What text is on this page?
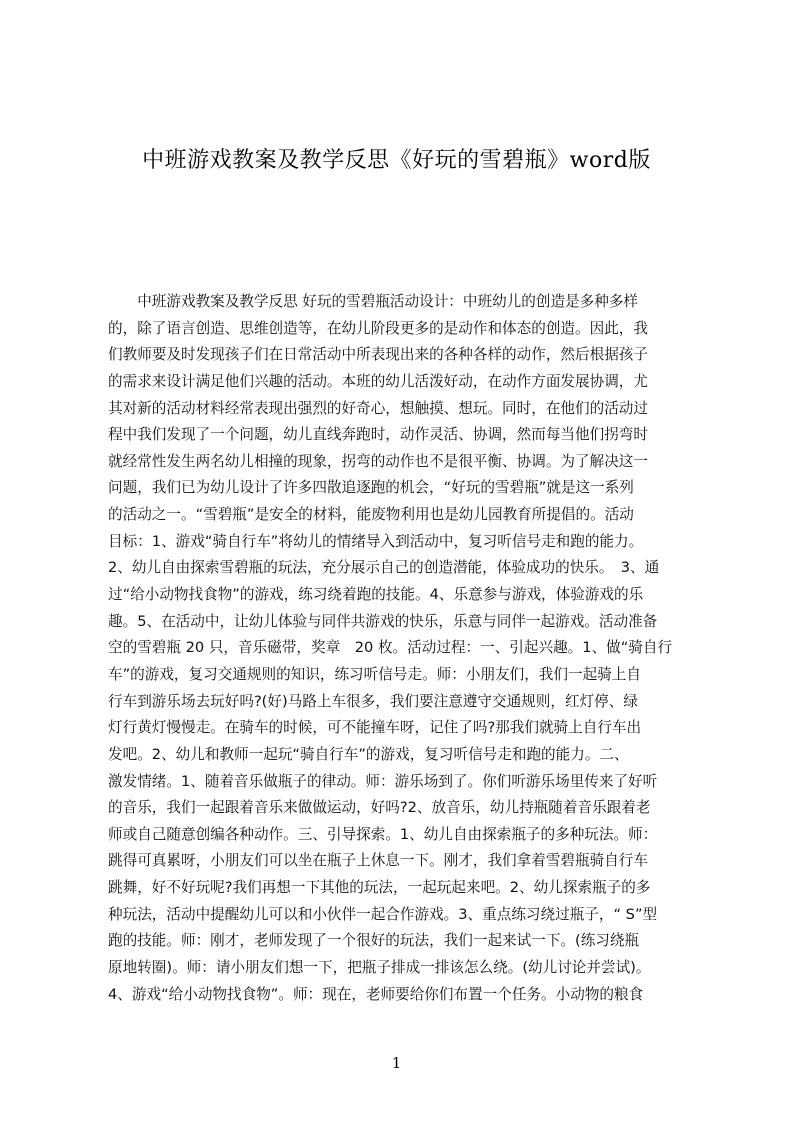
中班游戏教案及教学反思《好玩的雪碧瓶》word版
　　中班游戏教案及教学反思 好玩的雪碧瓶活动设计：中班幼儿的创造是多种多样
的，除了语言创造、思维创造等，在幼儿阶段更多的是动作和体态的创造。因此，我
们教师要及时发现孩子们在日常活动中所表现出来的各种各样的动作，然后根据孩子
的需求来设计满足他们兴趣的活动。本班的幼儿活泼好动，在动作方面发展协调，尤
其对新的活动材料经常表现出强烈的好奇心，想触摸、想玩。同时，在他们的活动过
程中我们发现了一个问题，幼儿直线奔跑时，动作灵活、协调，然而每当他们拐弯时
就经常性发生两名幼儿相撞的现象，拐弯的动作也不是很平衡、协调。为了解决这一
问题，我们已为幼儿设计了许多四散追逐跑的机会，“好玩的雪碧瓶”就是这一系列
的活动之一。“雪碧瓶”是安全的材料，能废物利用也是幼儿园教育所提倡的。活动
目标：1、游戏“骑自行车”将幼儿的情绪导入到活动中，复习听信号走和跑的能力。
2、幼儿自由探索雪碧瓶的玩法，充分展示自己的创造潜能，体验成功的快乐。　3、通
过“给小动物找食物”的游戏，练习绕着跑的技能。4、乐意参与游戏，体验游戏的乐
趣。5、在活动中，让幼儿体验与同伴共游戏的快乐，乐意与同伴一起游戏。活动准备
空的雪碧瓶 20 只，音乐磁带，奖章　20 枚。活动过程：一、引起兴趣。1、做“骑自行
车”的游戏，复习交通规则的知识，练习听信号走。师：小朋友们，我们一起骑上自
行车到游乐场去玩好吗?(好)马路上车很多，我们要注意遵守交通规则，红灯停、绿
灯行黄灯慢慢走。在骑车的时候，可不能撞车呀，记住了吗?那我们就骑上自行车出
发吧。2、幼儿和教师一起玩“骑自行车”的游戏，复习听信号走和跑的能力。二、
激发情绪。1、随着音乐做瓶子的律动。师：游乐场到了。你们听游乐场里传来了好听
的音乐，我们一起跟着音乐来做做运动，好吗?2、放音乐，幼儿持瓶随着音乐跟着老
师或自己随意创编各种动作。三、引导探索。1、幼儿自由探索瓶子的多种玩法。师：
跳得可真累呀，小朋友们可以坐在瓶子上休息一下。刚才，我们拿着雪碧瓶骑自行车
跳舞，好不好玩呢?我们再想一下其他的玩法，一起玩起来吧。2、幼儿探索瓶子的多
种玩法，活动中提醒幼儿可以和小伙伴一起合作游戏。3、重点练习绕过瓶子，“ S”型
跑的技能。师：刚才，老师发现了一个很好的玩法，我们一起来试一下。(练习绕瓶
原地转圈)。师：请小朋友们想一下，把瓶子排成一排该怎么绕。(幼儿讨论并尝试)。
4、游戏“给小动物找食物”。师：现在，老师要给你们布置一个任务。小动物的粮食
1
